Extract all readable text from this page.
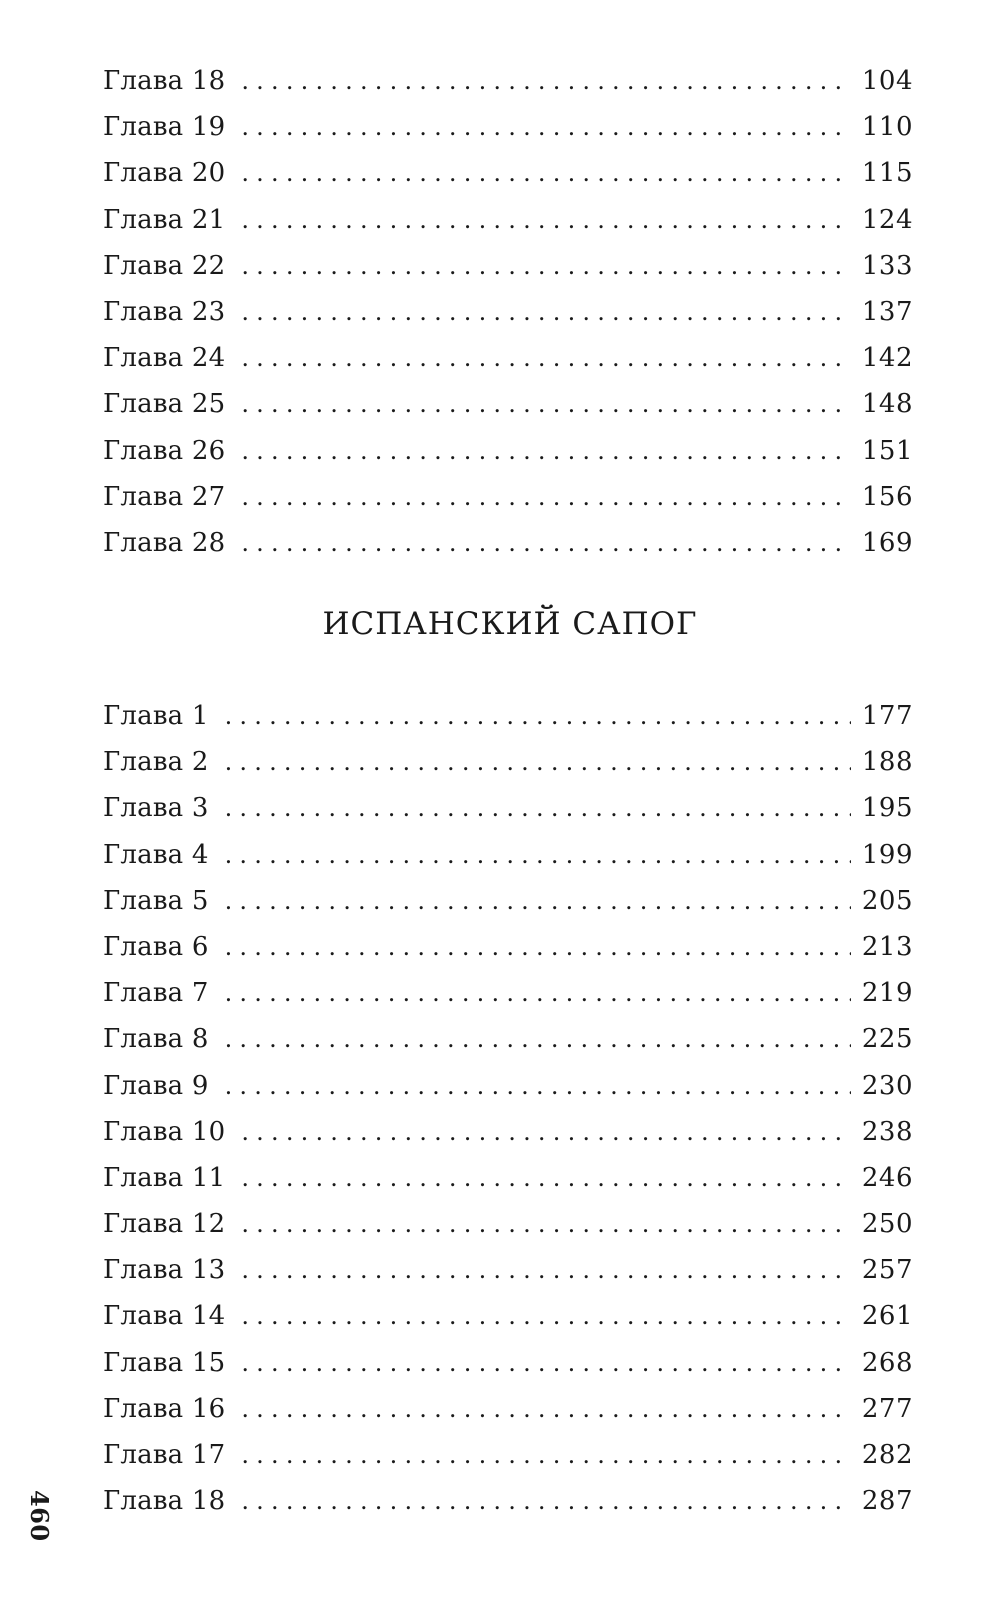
Глава 18 .....	104
Глава 19 .....	110
Глава 20 .....	115
Глава 21 .....	124
Глава 22 .....	133
Глава 23 .....	137
Глава 24 .....	142
Глава 25 .....	148
Глава 26 .....	151
Глава 27 .....	156
Глава 28 .....	169
ИСПАНСКИЙ САПОГ
Глава 1 .....	177
Глава 2 .....	188
Глава 3 .....	195
Глава 4 .....	199
Глава 5 .....	205
Глава 6 .....	213
Глава 7 .....	219
Глава 8 .....	225
Глава 9 .....	230
Глава 10 .....	238
Глава 11 .....	246
Глава 12 .....	250
Глава 13 .....	257
Глава 14 .....	261
Глава 15 .....	268
Глава 16 .....	277
Глава 17 .....	282
Глава 18 .....	287
460
